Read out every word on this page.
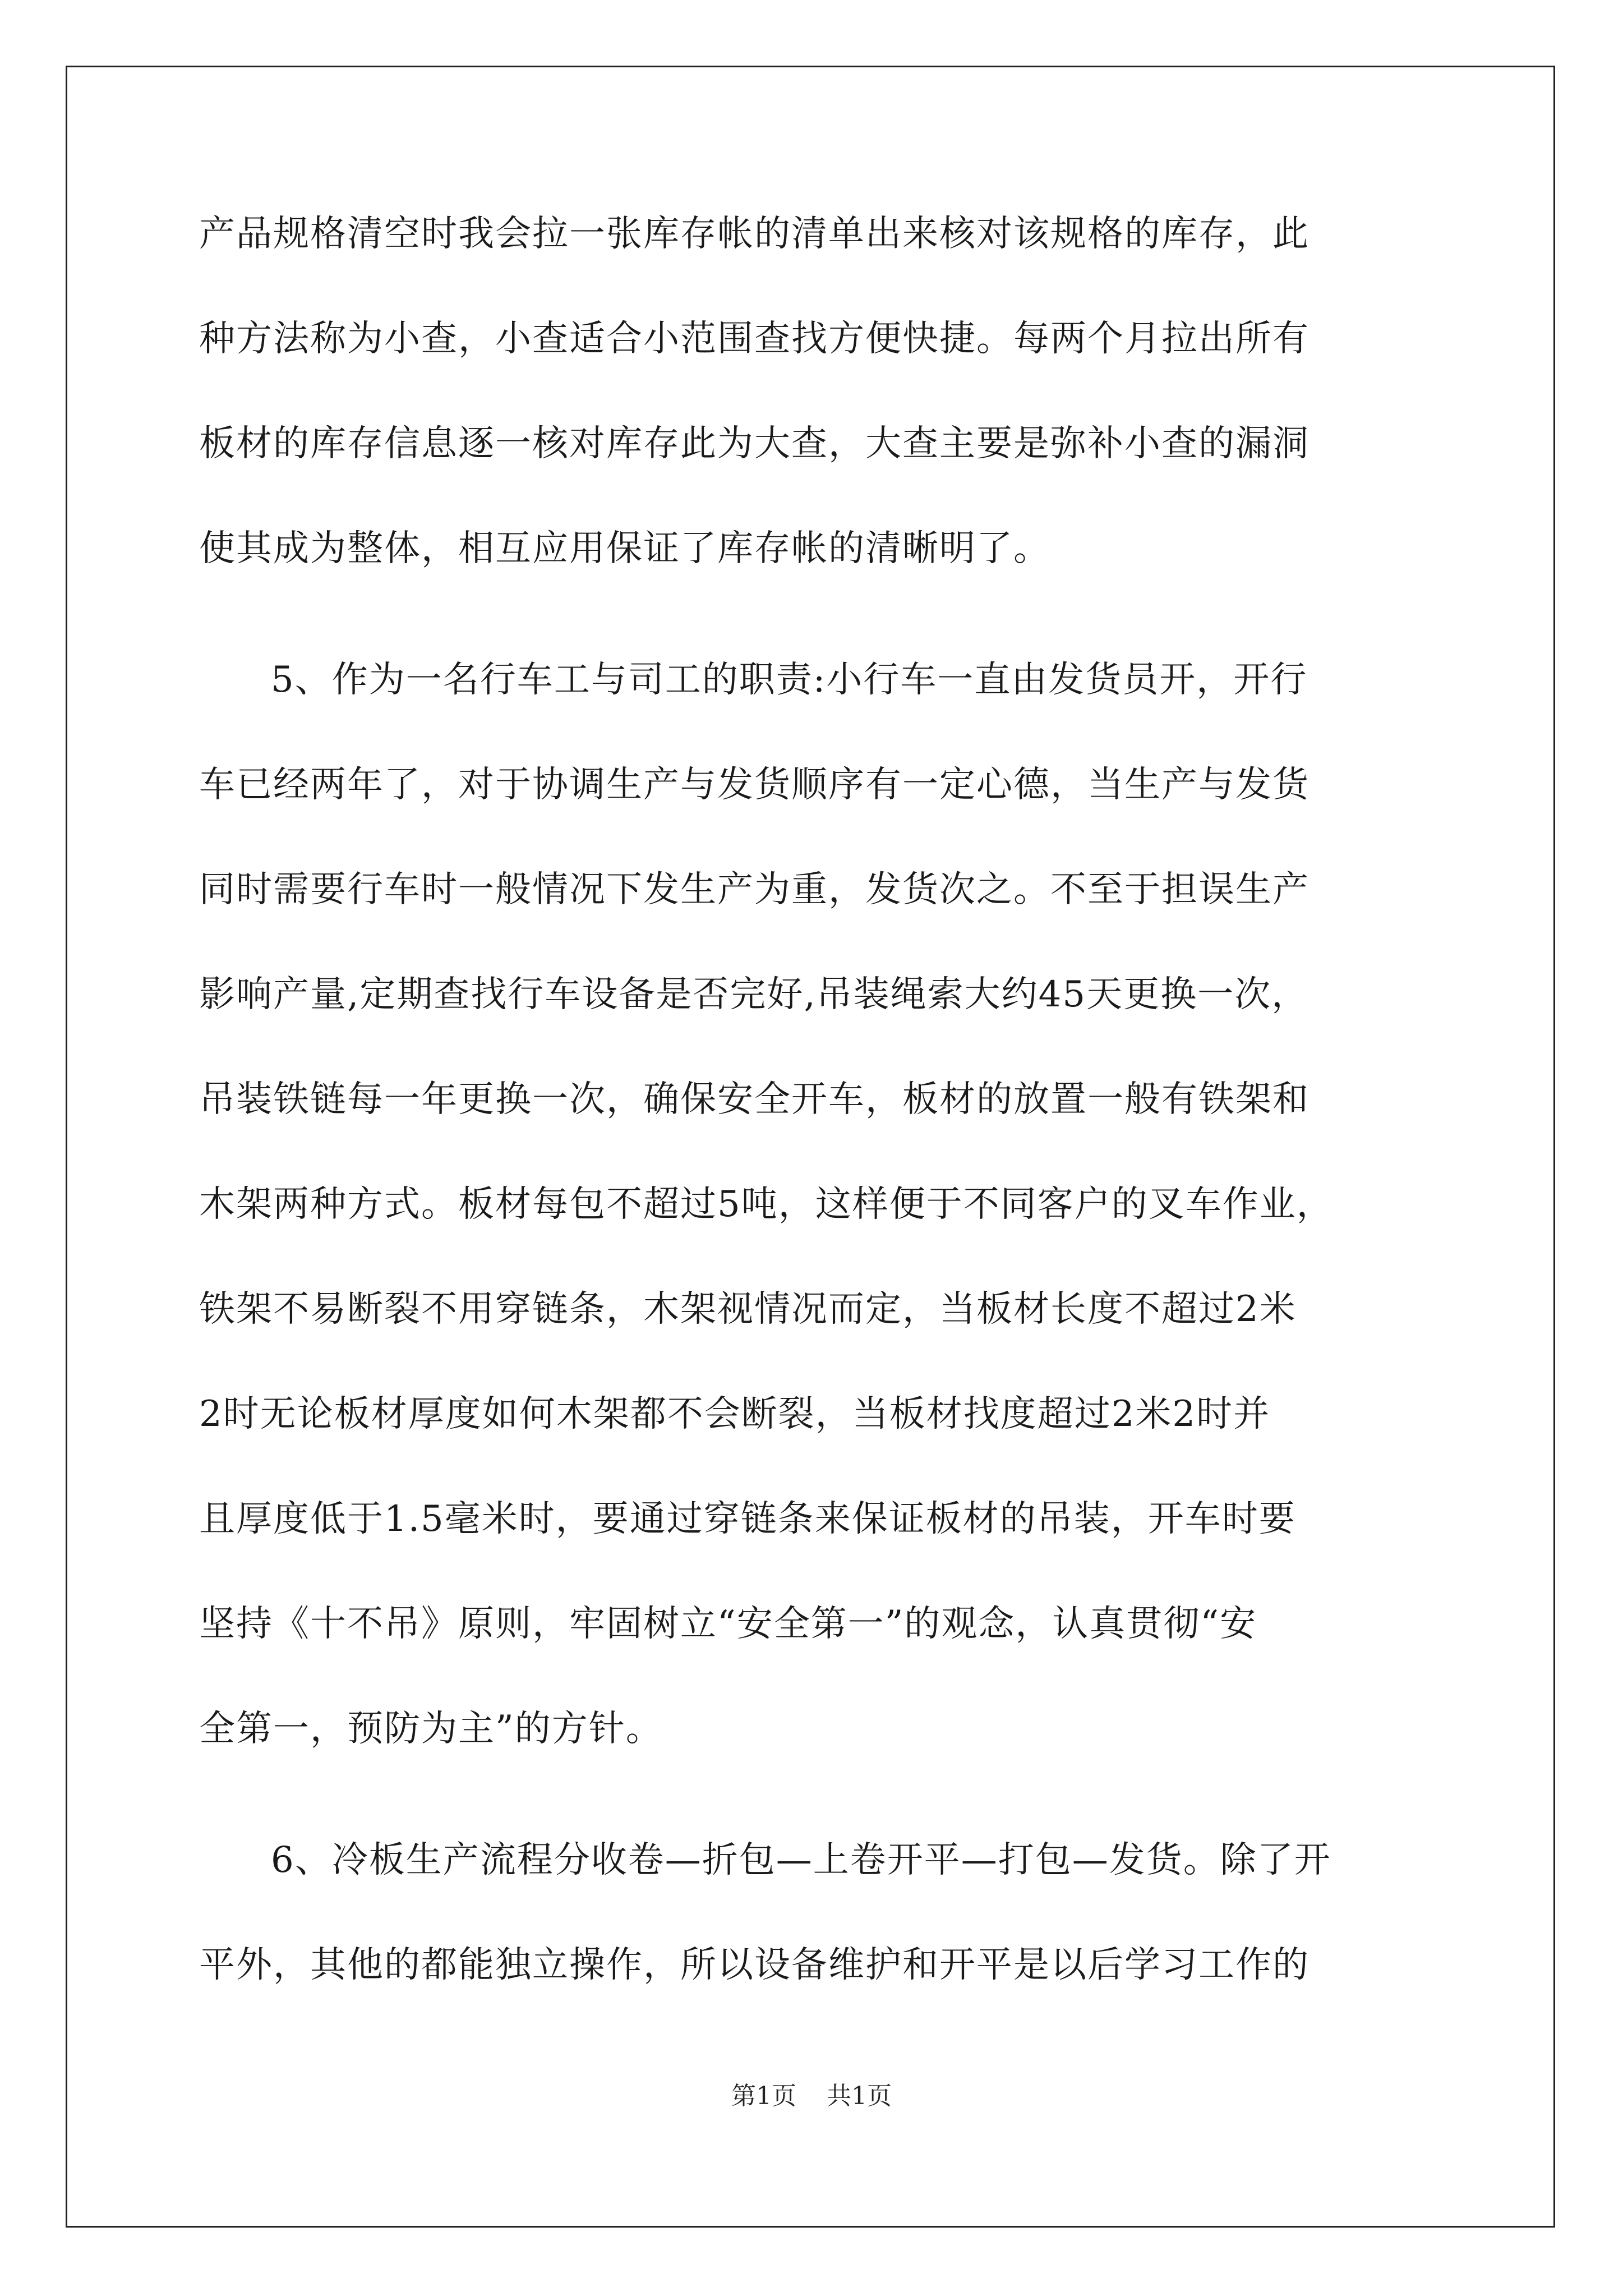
产品规格清空时我会拉一张库存帐的清单出来核对该规格的库存，此
种方法称为小查，小查适合小范围查找方便快捷。每两个月拉出所有
板材的库存信息逐一核对库存此为大查，大查主要是弥补小查的漏洞
使其成为整体，相互应用保证了库存帐的清晰明了。
5、作为一名行车工与司工的职责:小行车一直由发货员开，开行
车已经两年了，对于协调生产与发货顺序有一定心德，当生产与发货
同时需要行车时一般情况下发生产为重，发货次之。不至于担误生产
影响产量,定期查找行车设备是否完好,吊装绳索大约45天更换一次，
吊装铁链每一年更换一次，确保安全开车，板材的放置一般有铁架和
木架两种方式。板材每包不超过5吨，这样便于不同客户的叉车作业，
铁架不易断裂不用穿链条，木架视情况而定，当板材长度不超过2米
2时无论板材厚度如何木架都不会断裂，当板材找度超过2米2时并
且厚度低于1.5毫米时，要通过穿链条来保证板材的吊装，开车时要
坚持《十不吊》原则，牢固树立“安全第一”的观念，认真贯彻“安
全第一，预防为主”的方针。
6、冷板生产流程分收卷—折包—上卷开平—打包—发货。除了开
平外，其他的都能独立操作，所以设备维护和开平是以后学习工作的
第1页 共1页
